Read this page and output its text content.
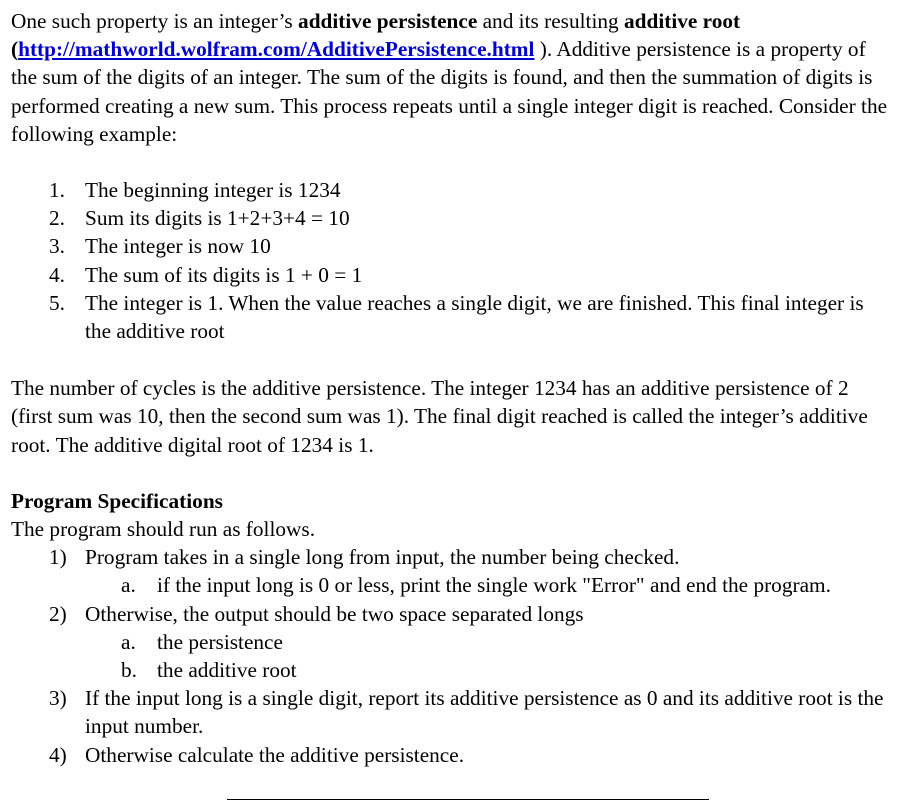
One such property is an integer’s additive persistence and its resulting additive root (http://mathworld.wolfram.com/AdditivePersistence.html ). Additive persistence is a property of the sum of the digits of an integer. The sum of the digits is found, and then the summation of digits is performed creating a new sum. This process repeats until a single integer digit is reached. Consider the following example:

1. The beginning integer is 1234
2. Sum its digits is 1+2+3+4 = 10
3. The integer is now 10
4. The sum of its digits is 1 + 0 = 1
5. The integer is 1. When the value reaches a single digit, we are finished. This final integer is the additive root

The number of cycles is the additive persistence. The integer 1234 has an additive persistence of 2 (first sum was 10, then the second sum was 1). The final digit reached is called the integer’s additive root. The additive digital root of 1234 is 1.

Program Specifications

The program should run as follows.

1) Program takes in a single long from input, the number being checked.
a. if the input long is 0 or less, print the single work "Error" and end the program.
2) Otherwise, the output should be two space separated longs
a. the persistence
b. the additive root
3) If the input long is a single digit, report its additive persistence as 0 and its additive root is the input number.
4) Otherwise calculate the additive persistence.
